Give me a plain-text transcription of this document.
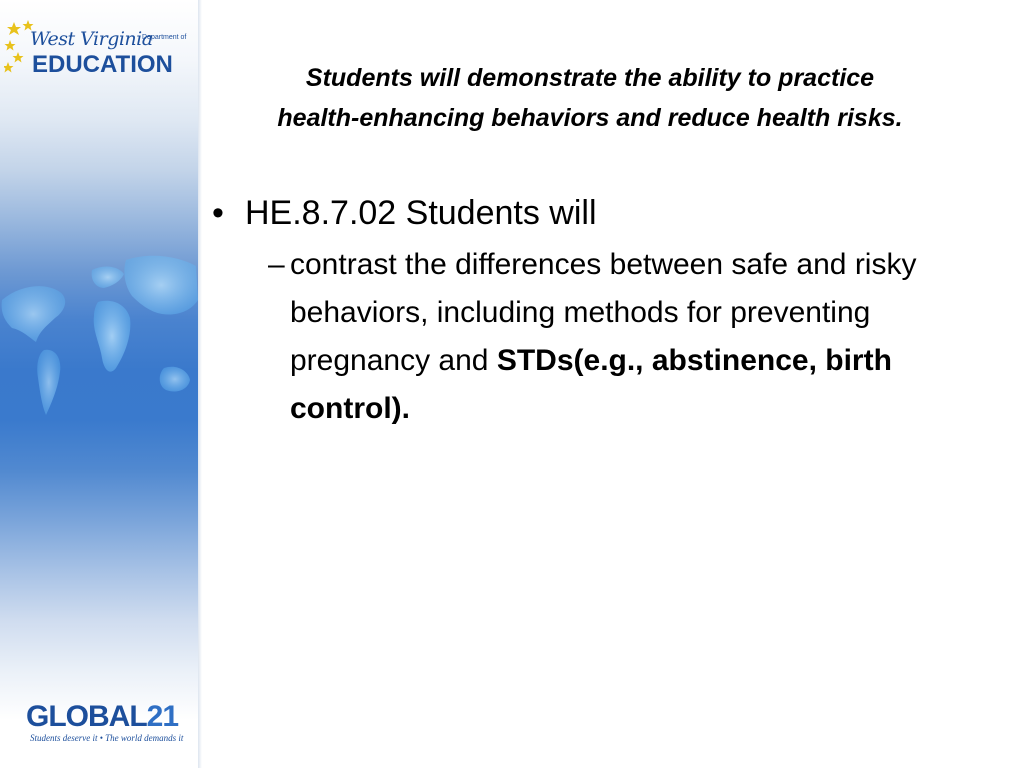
West Virginia
Department of
EDUCATION
GLOBAL21
Students deserve it • The world demands it
Students will demonstrate the ability to practice
health-enhancing behaviors and reduce health risks.
• HE.8.7.02 Students will
– contrast the differences between safe and risky behaviors, including methods for preventing pregnancy and STDs(e.g., abstinence, birth control).
